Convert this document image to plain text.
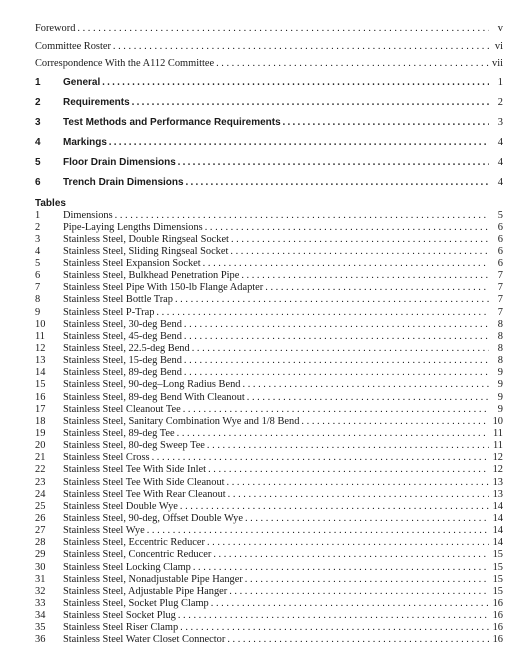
Foreword . . .	v
Committee Roster . . .	vi
Correspondence With the A112 Committee . . .	vii
1	General . . .	1
2	Requirements . . .	2
3	Test Methods and Performance Requirements . . .	3
4	Markings . . .	4
5	Floor Drain Dimensions . . .	4
6	Trench Drain Dimensions . . .	4
Tables
1	Dimensions . . .	5
2	Pipe-Laying Lengths Dimensions . . .	6
3	Stainless Steel, Double Ringseal Socket . . .	6
4	Stainless Steel, Sliding Ringseal Socket . . .	6
5	Stainless Steel Expansion Socket . . .	6
6	Stainless Steel, Bulkhead Penetration Pipe . . .	7
7	Stainless Steel Pipe With 150-lb Flange Adapter . . .	7
8	Stainless Steel Bottle Trap . . .	7
9	Stainless Steel P-Trap . . .	7
10	Stainless Steel, 30-deg Bend . . .	8
11	Stainless Steel, 45-deg Bend . . .	8
12	Stainless Steel, 22.5-deg Bend . . .	8
13	Stainless Steel, 15-deg Bend . . .	8
14	Stainless Steel, 89-deg Bend . . .	9
15	Stainless Steel, 90-deg–Long Radius Bend . . .	9
16	Stainless Steel, 89-deg Bend With Cleanout . . .	9
17	Stainless Steel Cleanout Tee . . .	9
18	Stainless Steel, Sanitary Combination Wye and 1/8 Bend . . .	10
19	Stainless Steel, 89-deg Tee . . .	11
20	Stainless Steel, 80-deg Sweep Tee . . .	11
21	Stainless Steel Cross . . .	12
22	Stainless Steel Tee With Side Inlet . . .	12
23	Stainless Steel Tee With Side Cleanout . . .	13
24	Stainless Steel Tee With Rear Cleanout . . .	13
25	Stainless Steel Double Wye . . .	14
26	Stainless Steel, 90-deg, Offset Double Wye . . .	14
27	Stainless Steel Wye . . .	14
28	Stainless Steel, Eccentric Reducer . . .	14
29	Stainless Steel, Concentric Reducer . . .	15
30	Stainless Steel Locking Clamp . . .	15
31	Stainless Steel, Nonadjustable Pipe Hanger . . .	15
32	Stainless Steel, Adjustable Pipe Hanger . . .	15
33	Stainless Steel, Socket Plug Clamp . . .	16
34	Stainless Steel Socket Plug . . .	16
35	Stainless Steel Riser Clamp . . .	16
36	Stainless Steel Water Closet Connector . . .	16
